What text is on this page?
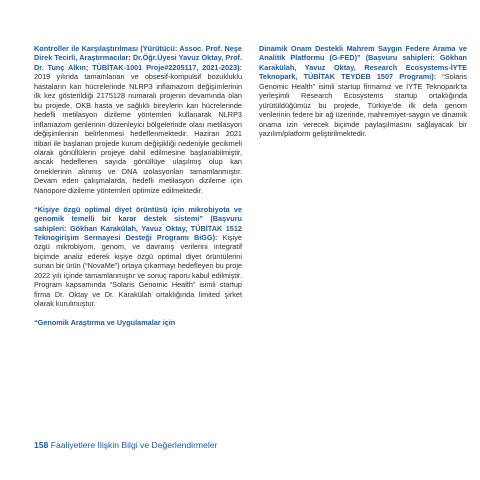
Kontroller ile Karşılaştırılması (Yürütücü: Assoc. Prof. Neşe Direk Tecirli, Araştırmacılar: Dr.Öğr.Üyesi Yavuz Oktay, Prof. Dr. Tunç Alkın; TÜBİTAK-1001 Proje#2205117, 2021-2023): 2019 yılında tamamlanan ve obsesif-kompulsif bozukluklu hastaların kan hücrelerinde NLRP3 inflamazom değişimlerinin ilk kez gösterildiği 2175128 numaralı projenin devamında olan bu projede, OKB hasta ve sağlıklı bireylerin kan hücrelerinde hedefli metilasyon dizileme yöntemleri kullanarak NLRP3 inflamazom genlerinin düzenleyici bölgelerinde olası metilasyon değişimlerinin belirlenmesi hedeflenmektedir. Haziran 2021 itibari ile başlanan projede kurum değişikliği nedeniyle gecikmeli olarak gönüllülerin projeye dahil edilmesine başlanabilmiştir, ancak hedeflenen sayıda gönüllüye ulaşılmış olup kan örneklerinin alınmış ve DNA izolasyonları tamamlanmıştır. Devam eden çalışmalarda, hedefli metilasyon dizileme için Nanopore dizileme yöntemleri optimize edilmektedir.

“Kişiye özgü optimal diyet örüntüsü için mikrobiyota ve genomik temelli bir karar destek sistemi” (Başvuru sahipleri: Gökhan Karakülah, Yavuz Oktay, TÜBİTAK 1512 Teknogirişim Sermayesi Desteği Programı BiGG): Kişiye özgü mikrobiyom, genom, ve davranış verilerini integratif biçimde analiz ederek kişiye özgü optimal diyet örüntülerini sunan bir ürün (“NovaMe”) ortaya çıkarmayı hedefleyen bu proje 2022 yılı içinde tamamlanmıştır ve sonuç raporu kabul edilmiştir. Program kapsamında “Solaris Genomic Health” isimli startup firma Dr. Oktay ve Dr. Karakülah ortaklığında limited şirket olarak kurulmuştur.

“Genomik Araştırma ve Uygulamalar için

Dinamik Onam Destekli Mahrem Saygın Federe Arama ve Analitik Platformu (G-FED)” (Başvuru sahipleri: Gökhan Karakülah, Yavuz Oktay, Research Ecosystems-İYTE Teknopark, TÜBİTAK TEYDEB 1507 Programı): “Solaris Genomic Health” isimli startup firmamız ve İYTE Teknopark’ta yerleşimli Research Ecosystems startup ortaklığında yürütüldüğümüz bu projede, Türkiye’de ilk defa genom verilerinin federe bir ağ üzerinde, mahremiyet-saygın ve dinamik onama izin verecek biçimde paylaşılmasını sağlayacak bir yazılım/platform geliştirilmektedir.

158 Faaliyetlere İlişkin Bilgi ve Değerlendirmeler
